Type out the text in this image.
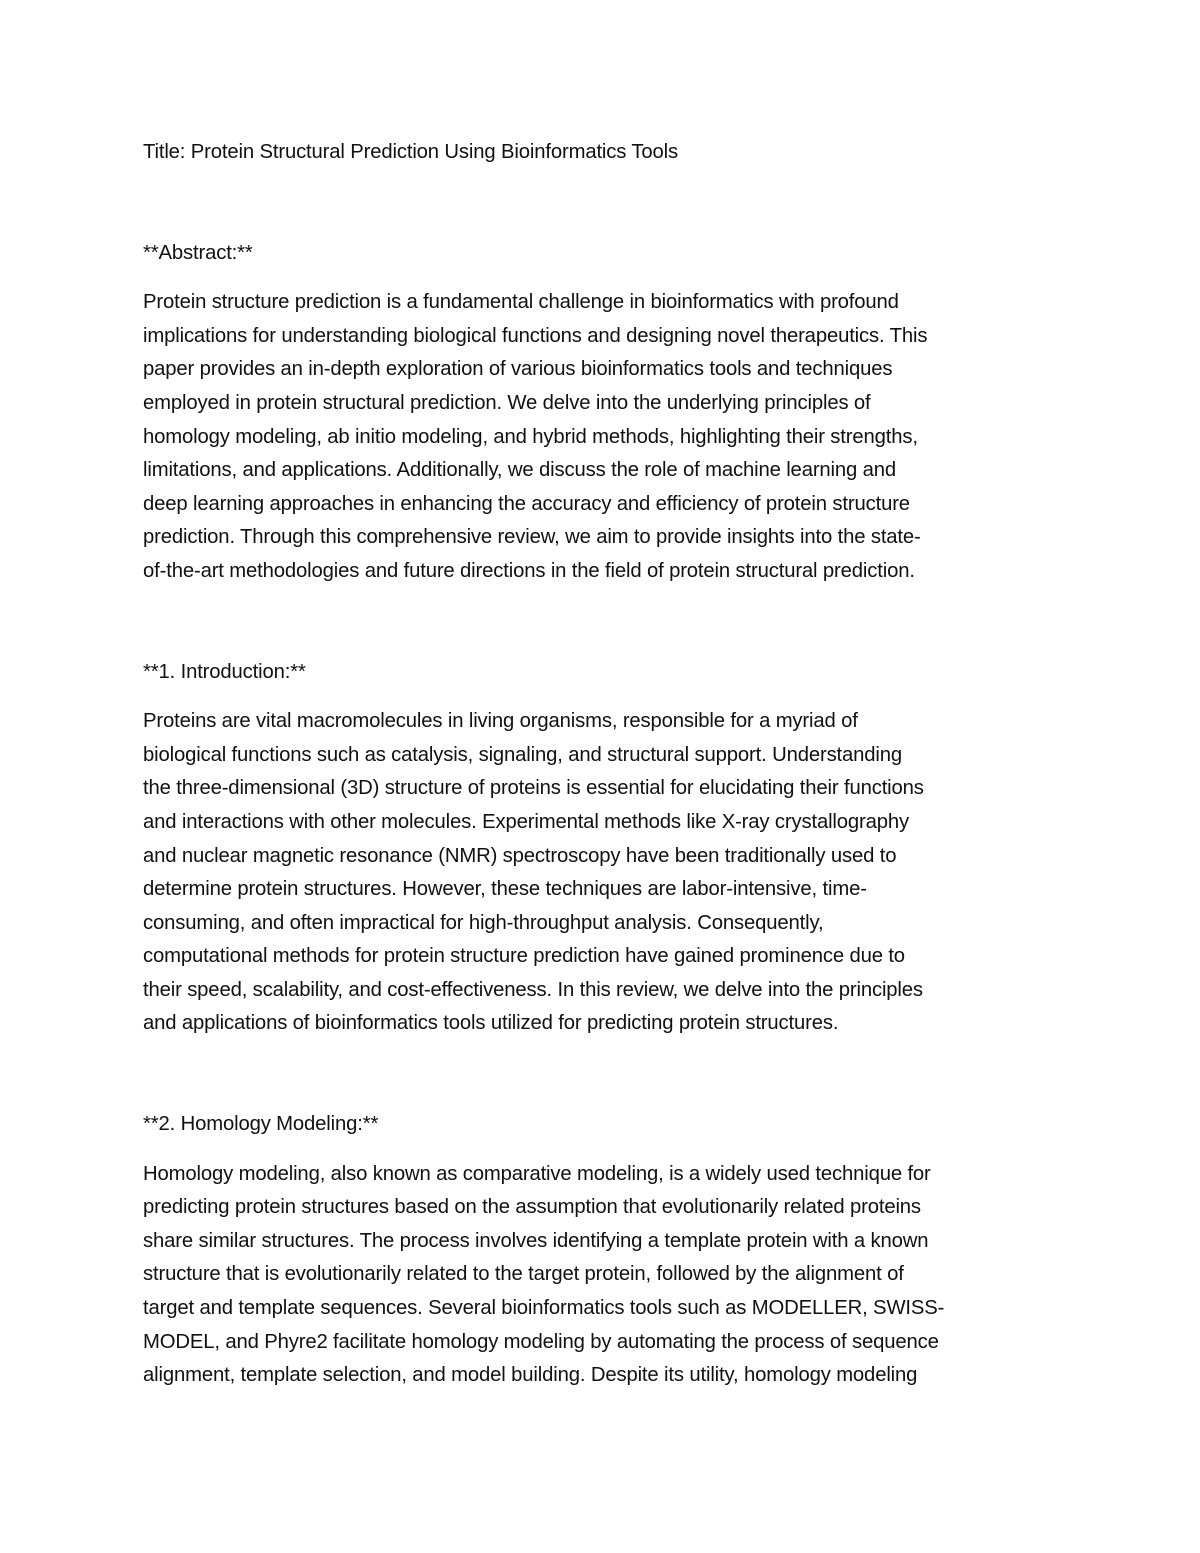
Title: Protein Structural Prediction Using Bioinformatics Tools
**Abstract:**
Protein structure prediction is a fundamental challenge in bioinformatics with profound
implications for understanding biological functions and designing novel therapeutics. This
paper provides an in-depth exploration of various bioinformatics tools and techniques
employed in protein structural prediction. We delve into the underlying principles of
homology modeling, ab initio modeling, and hybrid methods, highlighting their strengths,
limitations, and applications. Additionally, we discuss the role of machine learning and
deep learning approaches in enhancing the accuracy and efficiency of protein structure
prediction. Through this comprehensive review, we aim to provide insights into the state-
of-the-art methodologies and future directions in the field of protein structural prediction.
**1. Introduction:**
Proteins are vital macromolecules in living organisms, responsible for a myriad of
biological functions such as catalysis, signaling, and structural support. Understanding
the three-dimensional (3D) structure of proteins is essential for elucidating their functions
and interactions with other molecules. Experimental methods like X-ray crystallography
and nuclear magnetic resonance (NMR) spectroscopy have been traditionally used to
determine protein structures. However, these techniques are labor-intensive, time-
consuming, and often impractical for high-throughput analysis. Consequently,
computational methods for protein structure prediction have gained prominence due to
their speed, scalability, and cost-effectiveness. In this review, we delve into the principles
and applications of bioinformatics tools utilized for predicting protein structures.
**2. Homology Modeling:**
Homology modeling, also known as comparative modeling, is a widely used technique for
predicting protein structures based on the assumption that evolutionarily related proteins
share similar structures. The process involves identifying a template protein with a known
structure that is evolutionarily related to the target protein, followed by the alignment of
target and template sequences. Several bioinformatics tools such as MODELLER, SWISS-
MODEL, and Phyre2 facilitate homology modeling by automating the process of sequence
alignment, template selection, and model building. Despite its utility, homology modeling
